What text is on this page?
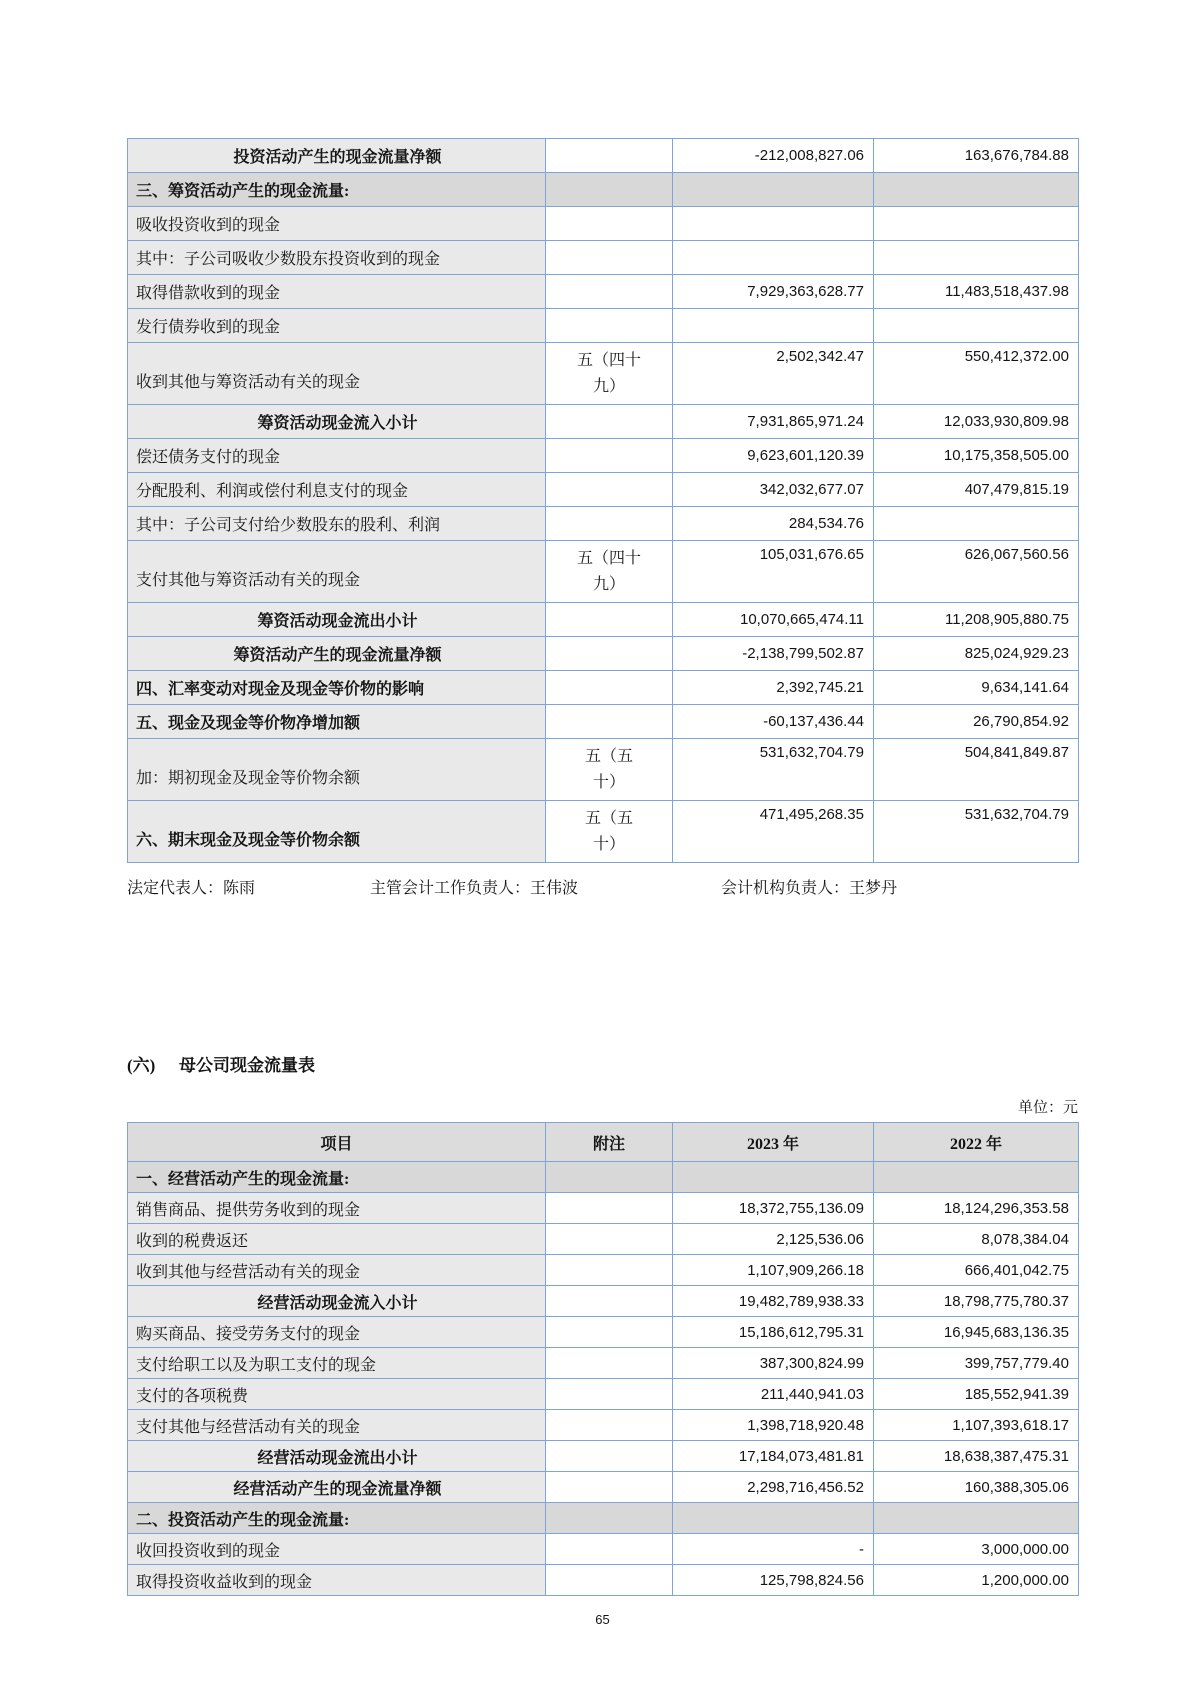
投资活动产生的现金流量净额		-212,008,827.06	163,676,784.88
三、筹资活动产生的现金流量:			
吸收投资收到的现金			
其中：子公司吸收少数股东投资收到的现金			
取得借款收到的现金		7,929,363,628.77	11,483,518,437.98
发行债券收到的现金			
收到其他与筹资活动有关的现金	五（四十九）	2,502,342.47	550,412,372.00
筹资活动现金流入小计		7,931,865,971.24	12,033,930,809.98
偿还债务支付的现金		9,623,601,120.39	10,175,358,505.00
分配股利、利润或偿付利息支付的现金		342,032,677.07	407,479,815.19
其中：子公司支付给少数股东的股利、利润		284,534.76	
支付其他与筹资活动有关的现金	五（四十九）	105,031,676.65	626,067,560.56
筹资活动现金流出小计		10,070,665,474.11	11,208,905,880.75
筹资活动产生的现金流量净额		-2,138,799,502.87	825,024,929.23
四、汇率变动对现金及现金等价物的影响		2,392,745.21	9,634,141.64
五、现金及现金等价物净增加额		-60,137,436.44	26,790,854.92
加：期初现金及现金等价物余额	五（五十）	531,632,704.79	504,841,849.87
六、期末现金及现金等价物余额	五（五十）	471,495,268.35	531,632,704.79
法定代表人：陈雨	主管会计工作负责人：王伟波	会计机构负责人：王梦丹
(六) 母公司现金流量表
单位：元
项目	附注	2023 年	2022 年
一、经营活动产生的现金流量:			
销售商品、提供劳务收到的现金		18,372,755,136.09	18,124,296,353.58
收到的税费返还		2,125,536.06	8,078,384.04
收到其他与经营活动有关的现金		1,107,909,266.18	666,401,042.75
经营活动现金流入小计		19,482,789,938.33	18,798,775,780.37
购买商品、接受劳务支付的现金		15,186,612,795.31	16,945,683,136.35
支付给职工以及为职工支付的现金		387,300,824.99	399,757,779.40
支付的各项税费		211,440,941.03	185,552,941.39
支付其他与经营活动有关的现金		1,398,718,920.48	1,107,393,618.17
经营活动现金流出小计		17,184,073,481.81	18,638,387,475.31
经营活动产生的现金流量净额		2,298,716,456.52	160,388,305.06
二、投资活动产生的现金流量:			
收回投资收到的现金		-	3,000,000.00
取得投资收益收到的现金		125,798,824.56	1,200,000.00
65
